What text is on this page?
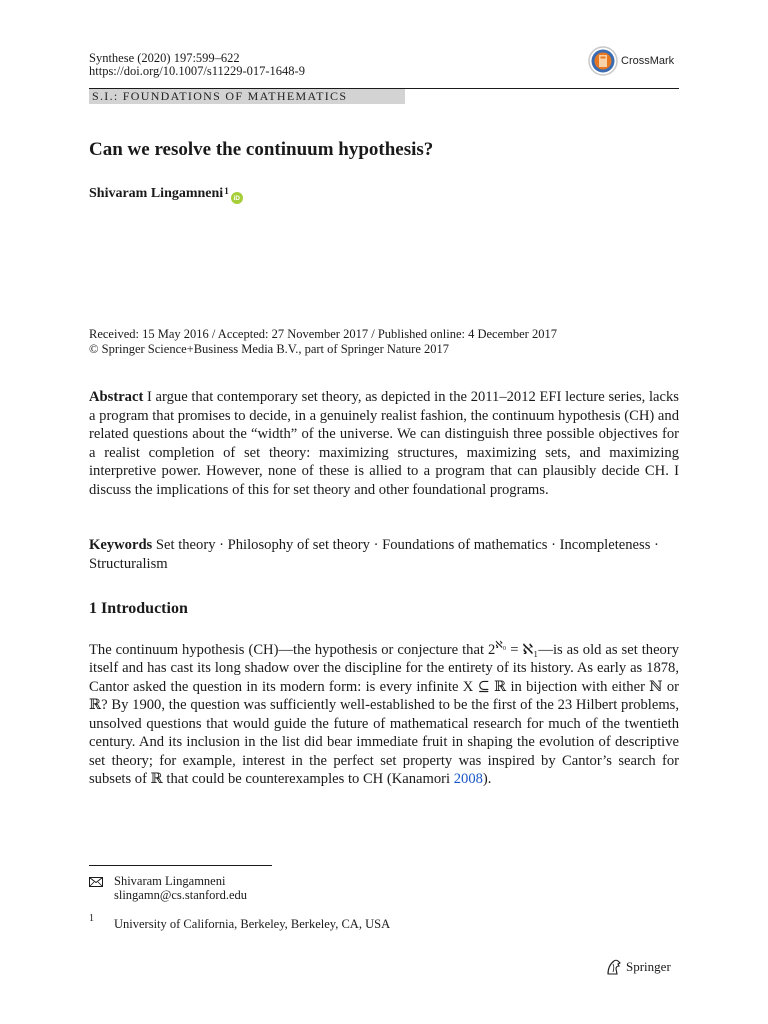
Synthese (2020) 197:599–622
https://doi.org/10.1007/s11229-017-1648-9
CrossMark
S.I.: FOUNDATIONS OF MATHEMATICS
Can we resolve the continuum hypothesis?
Shivaram Lingamneni$^1$
iD
Received: 15 May 2016 / Accepted: 27 November 2017 / Published online: 4 December 2017
© Springer Science+Business Media B.V., part of Springer Nature 2017
Abstract I argue that contemporary set theory, as depicted in the 2011–2012 EFI lecture series, lacks a program that promises to decide, in a genuinely realist fashion, the continuum hypothesis (CH) and related questions about the “width” of the universe. We can distinguish three possible objectives for a realist completion of set theory: maximizing structures, maximizing sets, and maximizing interpretive power. However, none of these is allied to a program that can plausibly decide CH. I discuss the implications of this for set theory and other foundational programs.
Keywords Set theory · Philosophy of set theory · Foundations of mathematics · Incompleteness · Structuralism
1 Introduction
The continuum hypothesis (CH)—the hypothesis or conjecture that $2^{ℵ_0}$ = ℵ₁—is as old as set theory itself and has cast its long shadow over the discipline for the entirety of its history. As early as 1878, Cantor asked the question in its modern form: is every infinite X ⊆ ℝ in bijection with either ℕ or ℝ? By 1900, the question was sufficiently well-established to be the first of the 23 Hilbert problems, unsolved questions that would guide the future of mathematical research for much of the twentieth century. And its inclusion in the list did bear immediate fruit in shaping the evolution of descriptive set theory; for example, interest in the perfect set property was inspired by Cantor’s search for subsets of ℝ that could be counterexamples to CH (Kanamori 2008).
Shivaram Lingamneni
slingamn@cs.stanford.edu
1 University of California, Berkeley, Berkeley, CA, USA
Springer
